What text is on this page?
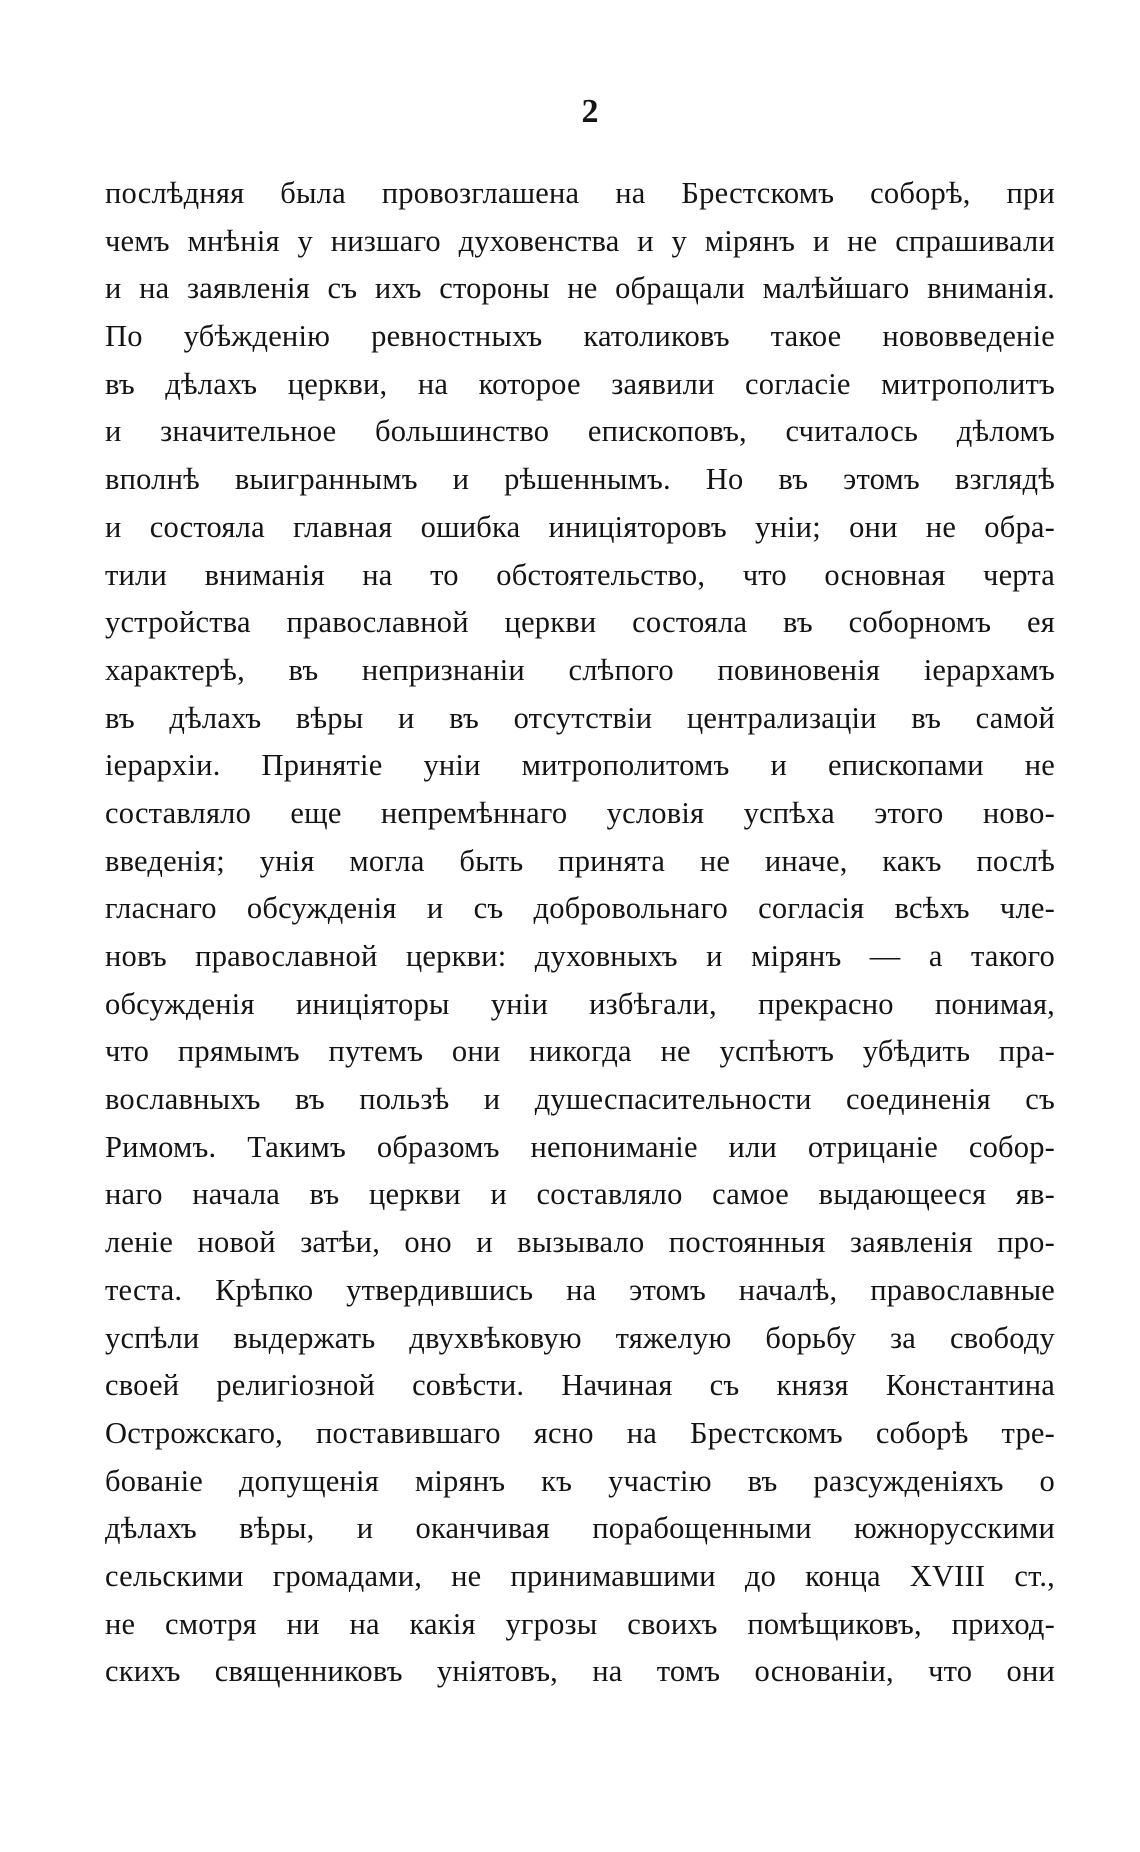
2
послѣдняя была провозглашена на Брестскомъ соборѣ, при
чемъ мнѣнія у низшаго духовенства и у мірянъ и не спрашивали
и на заявленія съ ихъ стороны не обращали малѣйшаго вниманія.
По убѣжденію ревностныхъ католиковъ такое нововведеніе
въ дѣлахъ церкви, на которое заявили согласіе митрополитъ
и значительное большинство епископовъ, считалось дѣломъ
вполнѣ выиграннымъ и рѣшеннымъ. Но въ этомъ взглядѣ
и состояла главная ошибка иниціяторовъ уніи; они не обра-
тили вниманія на то обстоятельство, что основная черта
устройства православной церкви состояла въ соборномъ ея
характерѣ, въ непризнаніи слѣпого повиновенія іерархамъ
въ дѣлахъ вѣры и въ отсутствіи централизаціи въ самой
іерархіи. Принятіе уніи митрополитомъ и епископами не
составляло еще непремѣннаго условія успѣха этого ново-
введенія; унія могла быть принята не иначе, какъ послѣ
гласнаго обсужденія и съ добровольнаго согласія всѣхъ чле-
новъ православной церкви: духовныхъ и мірянъ — а такого
обсужденія иниціяторы уніи избѣгали, прекрасно понимая,
что прямымъ путемъ они никогда не успѣютъ убѣдить пра-
вославныхъ въ пользѣ и душеспасительности соединенія съ
Римомъ. Такимъ образомъ непониманіе или отрицаніе собор-
наго начала въ церкви и составляло самое выдающееся яв-
леніе новой затѣи, оно и вызывало постоянныя заявленія про-
теста. Крѣпко утвердившись на этомъ началѣ, православные
успѣли выдержать двухвѣковую тяжелую борьбу за свободу
своей религіозной совѣсти. Начиная съ князя Константина
Острожскаго, поставившаго ясно на Брестскомъ соборѣ тре-
бованіе допущенія мірянъ къ участію въ разсужденіяхъ о
дѣлахъ вѣры, и оканчивая порабощенными южнорусскими
сельскими громадами, не принимавшими до конца XVIII ст.,
не смотря ни на какія угрозы своихъ помѣщиковъ, приход-
скихъ священниковъ уніятовъ, на томъ основаніи, что они
